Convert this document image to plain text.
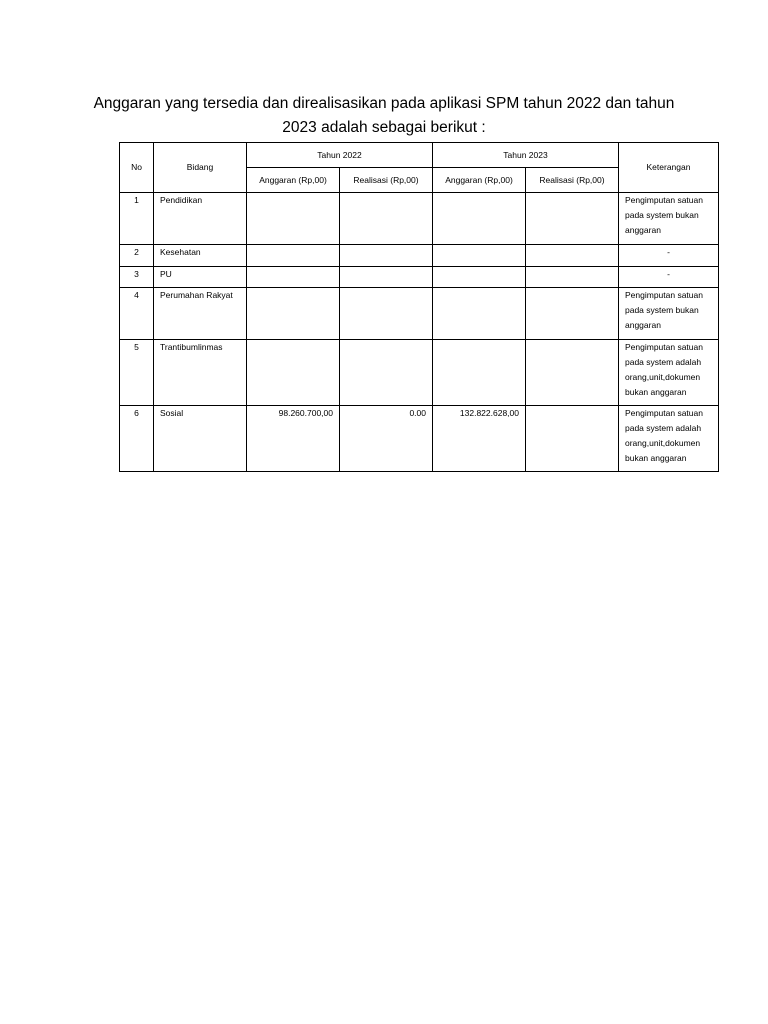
Anggaran yang tersedia dan direalisasikan pada aplikasi SPM tahun 2022 dan tahun
2023 adalah sebagai berikut :
No	Bidang	Tahun 2022		Tahun 2023		Keterangan
		Anggaran (Rp,00)	Realisasi (Rp,00)	Anggaran (Rp,00)	Realisasi (Rp,00)	
1	Pendidikan					Pengimputan satuan
pada system bukan
anggaran

2	Kesehatan					-

3	PU					-

4	Perumahan Rakyat					Pengimputan satuan
pada system bukan
anggaran

5	Trantibumlinmas					Pengimputan satuan
pada system adalah
orang,unit,dokumen
bukan anggaran

6	Sosial	98.260.700,00	0.00	132.822.628,00		Pengimputan satuan
pada system adalah
orang,unit,dokumen
bukan anggaran
